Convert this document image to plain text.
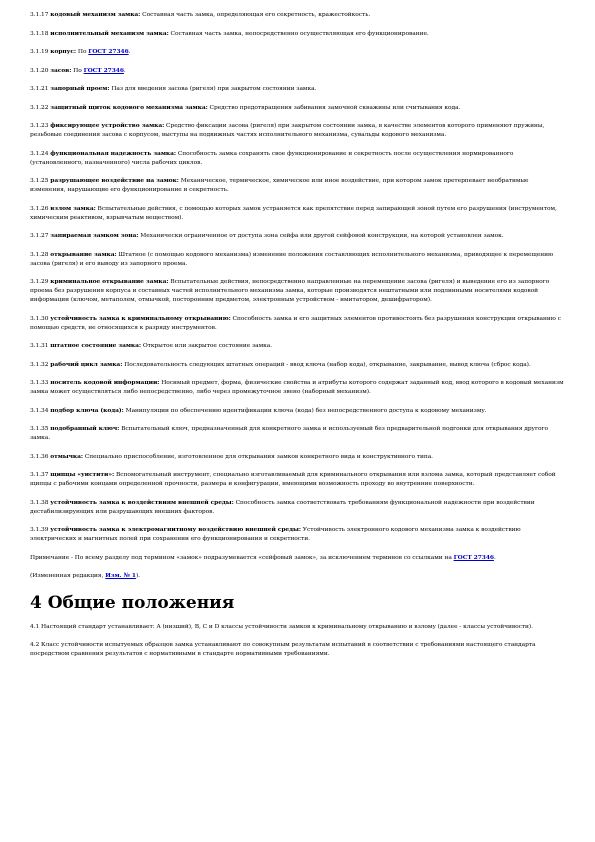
3.1.17 кодовый механизм замка: Составная часть замка, определяющая его секретность, кражестойкость.

3.1.18 исполнительный механизм замка: Составная часть замка, непосредственно осуществляющая его функционирование.

3.1.19 корпус: По ГОСТ 27346.

3.1.20 засов: По ГОСТ 27346.

3.1.21 запорный проем: Паз для введения засова (ригеля) при закрытом состоянии замка.

3.1.22 защитный щиток кодового механизма замка: Средство предотвращения забивания замочной скважины или считывания кода.

3.1.23 фиксирующее устройство замка: Средство фиксации засова (ригеля) при закрытом состоянии замка, в качестве элементов которого применяют пружины, резьбовые соединения засова с корпусом, выступы на подвижных частях исполнительного механизма, сувальды кодового механизма.

3.1.24 функциональная надежность замка: Способность замка сохранять свое функционирование и секретность после осуществления нормированного (установленного, назначенного) числа рабочих циклов.

3.1.25 разрушающее воздействие на замок: Механическое, термическое, химическое или иное воздействие, при котором замок претерпевает необратимые изменения, нарушающие его функционирование и секретность.

3.1.26 взлом замка: Вспытательные действия, с помощью которых замок устраняется как препятствие перед запирающей зоной путем его разрушения (инструментом, химическим реактивом, взрывчатым веществом).

3.1.27 запираемая замком зона: Механически ограниченное от доступа зона сейфа или другой сейфовой конструкции, на которой установлен замок.

3.1.28 открывание замка: Штатное (с помощью кодового механизма) изменение положения составляющих исполнительного механизма, приводящее к перемещению засова (ригеля) и его выводу из запорного проема.

3.1.29 криминальное открывание замка: Вспытательные действия, непосредственно направленные на перемещение засова (ригеля) и выведение его из запорного проема без разрушения корпуса и составных частей исполнительного механизма замка, которые производятся нештатными или подлинными носителями кодовой информации (ключом, метаполем, отмычкой, посторонним предметом, электронным устройством - имитатором, дешифратором).

3.1.30 устойчивость замка к криминальному открыванию: Способность замка и его защитных элементов противостоять без разрушения конструкции открыванию с помощью средств, не относящихся к разряду инструментов.

3.1.31 штатное состояние замка: Открытое или закрытое состояние замка.

3.1.32 рабочий цикл замка: Последовательность следующих штатных операций - ввод ключа (набор кода), открывание, закрывание, вывод ключа (сброс кода).

3.1.33 носитель кодовой информации: Носимый предмет, форма, физические свойства и атрибуты которого содержат заданный код, ввод которого в кодовый механизм замка может осуществляться либо непосредственно, либо через промежуточное звено (наборный механизм).

3.1.34 подбор ключа (кода): Манипуляции по обеспечению идентификации ключа (кода) без непосредственного доступа к кодовому механизму.

3.1.35 подобранный ключ: Вспытательный ключ, предназначенный для конкретного замка и используемый без предварительной подгонки для открывания другого замка.

3.1.36 отмычка: Специально приспособление, изготовленное для открывания замков конкретного вида и конструктивного типа.

3.1.37 щипцы «уистити»: Вспомогательный инструмент, специально изготавливаемый для криминального открывания или взлома замка, который представляет собой щипцы с рабочими концами определенной прочности, размера и конфигурации, имеющими возможность проходу во внутренние поверхности.

3.1.38 устойчивость замка к воздействиям внешней среды: Способность замка соответствовать требованиям функциональной надежности при воздействии дестабилизирующих или разрушающих внешних факторов.

3.1.39 устойчивость замка к электромагнитному воздействию внешней среды: Устойчивость электронного кодового механизма замка к воздействию электрических и магнитных полей при сохранении его функционирования и секретности.

Примечание - По всему разделу под термином «замок» подразумевается «сейфовый замок», за исключением терминов со ссылками на ГОСТ 27346.

(Измененная редакция, Изм. № 1).

4 Общие положения

4.1 Настоящий стандарт устанавливает: A (низший), B, C и D классы устойчивости замков к криминальному открыванию и взлому (далее - классы устойчивости).

4.2 Класс устойчивости испытуемых образцов замка устанавливают по совокупным результатам испытаний в соответствии с требованиями настоящего стандарта посредством сравнения результатов с нормативными в стандарте нормативными требованиями.
